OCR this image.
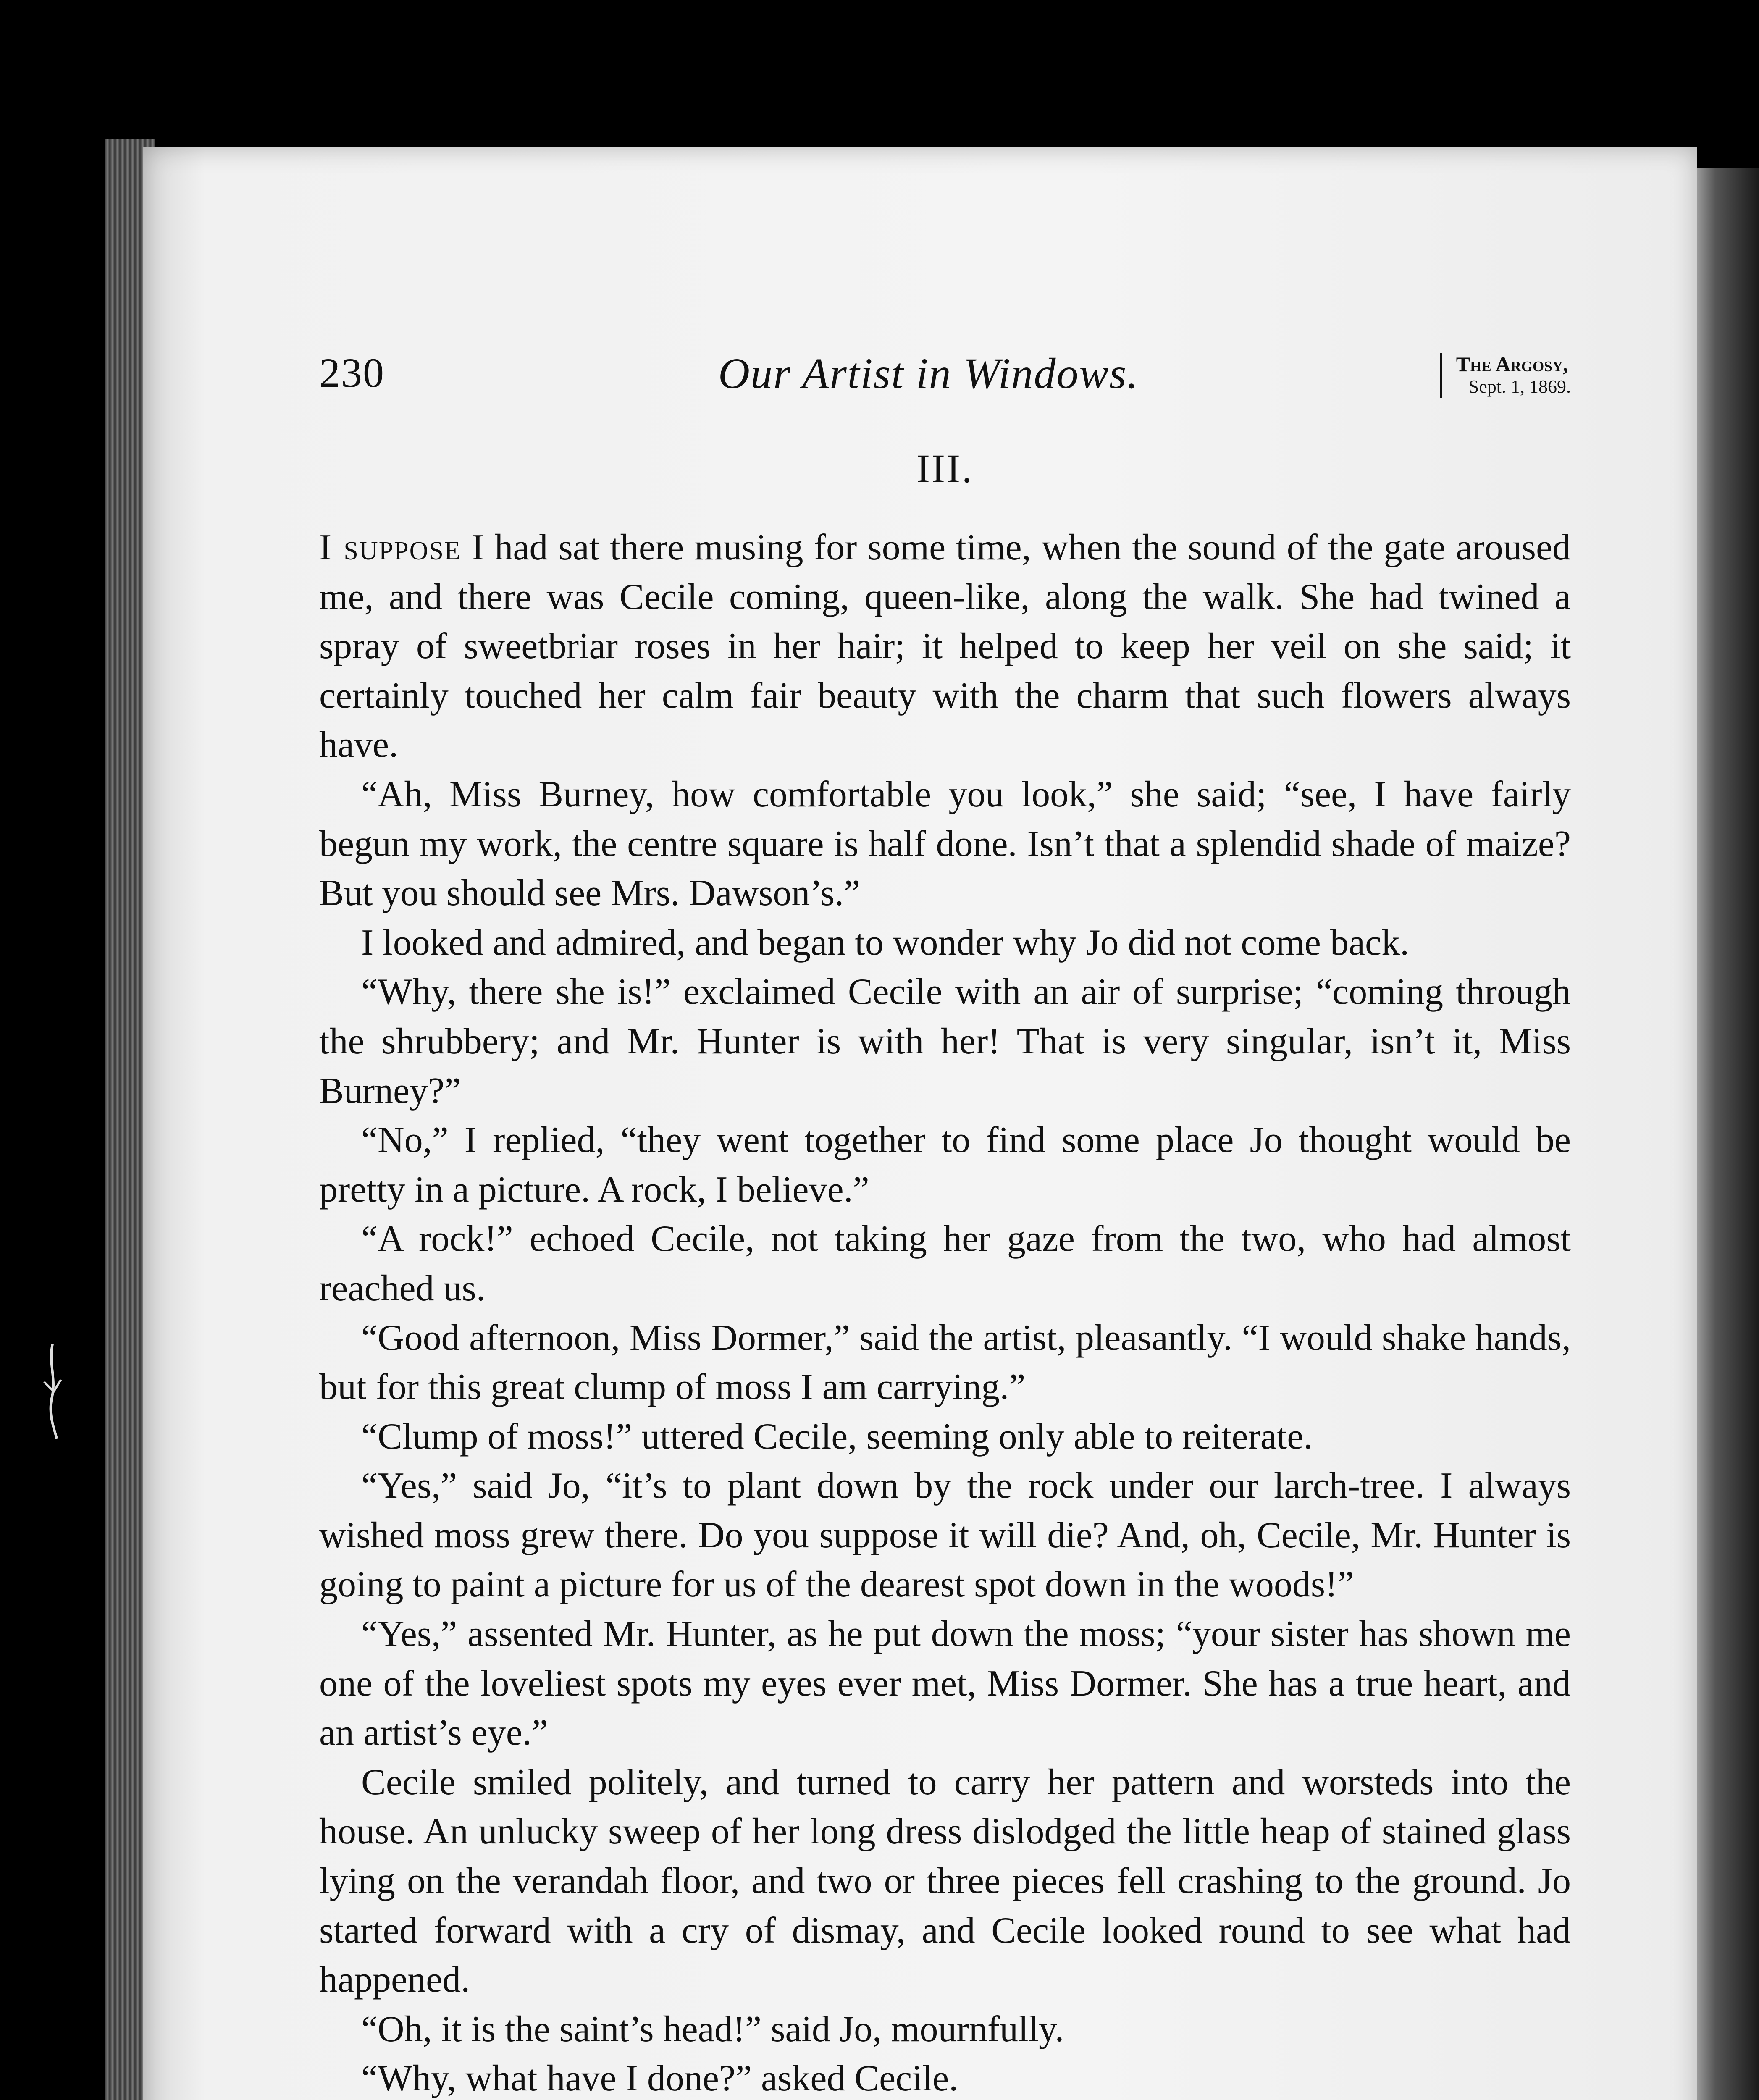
230	Our Artist in Windows.	The Argosy,
Sept. 1, 1869.
III.

I suppose I had sat there musing for some time, when the sound of the gate aroused me, and there was Cecile coming, queen-like, along the walk. She had twined a spray of sweetbriar roses in her hair; it helped to keep her veil on she said; it certainly touched her calm fair beauty with the charm that such flowers always have.

“Ah, Miss Burney, how comfortable you look,” she said; “see, I have fairly begun my work, the centre square is half done. Isn’t that a splendid shade of maize? But you should see Mrs. Dawson’s.”

I looked and admired, and began to wonder why Jo did not come back.

“Why, there she is!” exclaimed Cecile with an air of surprise; “coming through the shrubbery; and Mr. Hunter is with her! That is very singular, isn’t it, Miss Burney?”

“No,” I replied, “they went together to find some place Jo thought would be pretty in a picture. A rock, I believe.”

“A rock!” echoed Cecile, not taking her gaze from the two, who had almost reached us.

“Good afternoon, Miss Dormer,” said the artist, pleasantly. “I would shake hands, but for this great clump of moss I am carrying.”

“Clump of moss!” uttered Cecile, seeming only able to reiterate.

“Yes,” said Jo, “it’s to plant down by the rock under our larch-tree. I always wished moss grew there. Do you suppose it will die? And, oh, Cecile, Mr. Hunter is going to paint a picture for us of the dearest spot down in the woods!”

“Yes,” assented Mr. Hunter, as he put down the moss; “your sister has shown me one of the loveliest spots my eyes ever met, Miss Dormer. She has a true heart, and an artist’s eye.”

Cecile smiled politely, and turned to carry her pattern and worsteds into the house. An unlucky sweep of her long dress dislodged the little heap of stained glass lying on the verandah floor, and two or three pieces fell crashing to the ground. Jo started forward with a cry of dismay, and Cecile looked round to see what had happened.

“Oh, it is the saint’s head!” said Jo, mournfully.

“Why, what have I done?” asked Cecile.
